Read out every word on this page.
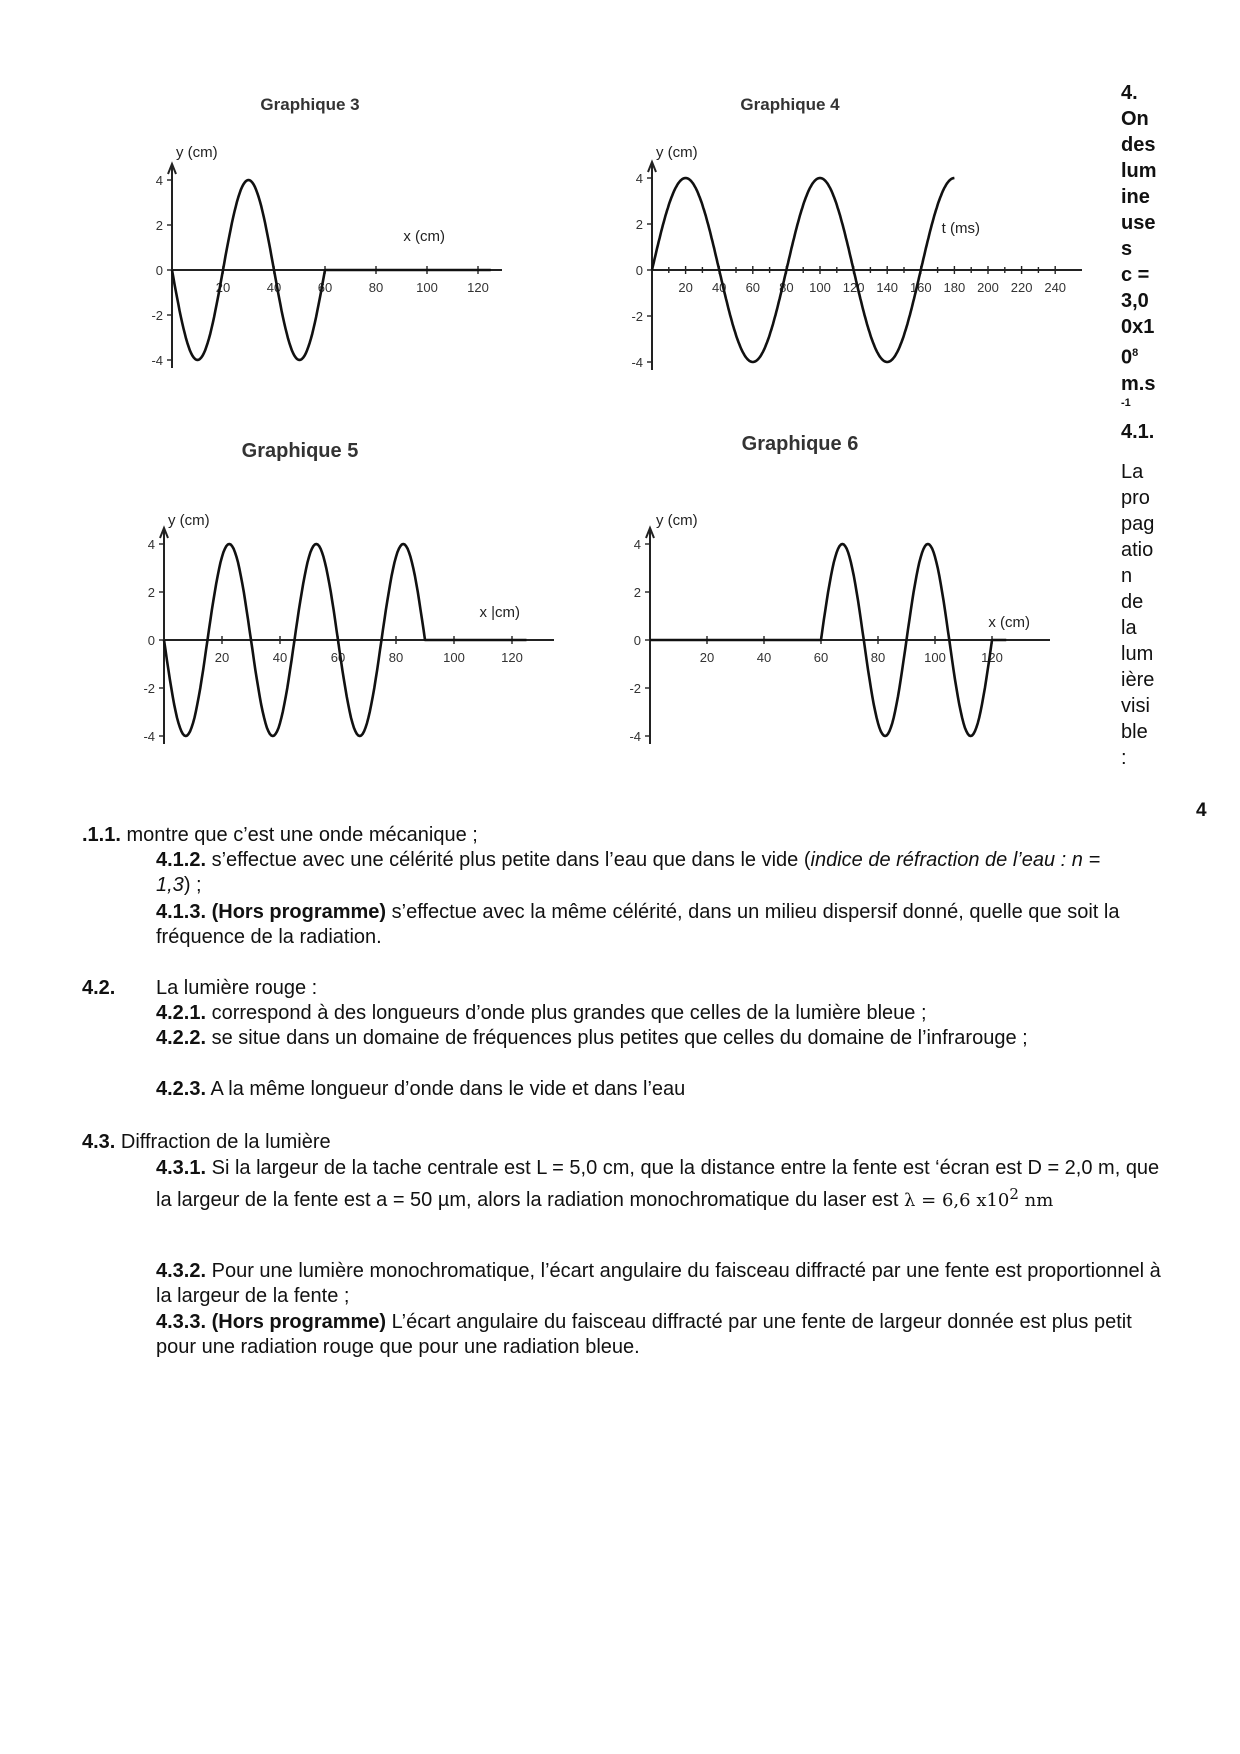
Graphique 3
y (cm)
x (cm)
4
2
0
-2
-4
20	40	60	80	100 120
Graphique 4
y (cm)
t (ms)
4
2
0
-2
-4
20 40 60 80 100 120 140 160 180 200 220 240
Graphique 5
y (cm)
x |cm)
4
2
0
-2
-4
20	40	60	80	100	120
Graphique 6
y (cm)
x (cm)
4
2
0
-2
-4
20	40	60	80	100	120
4.
On
des
lum
ine
use
s
c =
3,0
0x1
$0^8$
m.s
-1
4.1.
La
pro
pag
atio
n
de
la
lum
ière
visi
ble
:
4
.1.1. montre que c’est une onde mécanique ;
4.1.2. s’effectue avec une célérité plus petite dans l’eau que dans le vide (indice de réfraction de l’eau : n = 1,3) ;
4.1.3. (Hors programme) s’effectue avec la même célérité, dans un milieu dispersif donné, quelle que soit la fréquence de la radiation.
4.2. La lumière rouge :
4.2.1. correspond à des longueurs d’onde plus grandes que celles de la lumière bleue ;
4.2.2. se situe dans un domaine de fréquences plus petites que celles du domaine de l’infrarouge ;
4.2.3. A la même longueur d’onde dans le vide et dans l’eau
4.3. Diffraction de la lumière
4.3.1. Si la largeur de la tache centrale est L = 5,0 cm, que la distance entre la fente est ‘écran est D = 2,0 m, que la largeur de la fente est a = 50 µm, alors la radiation monochromatique du laser est λ = 6,6 $x10^2$ nm
4.3.2. Pour une lumière monochromatique, l’écart angulaire du faisceau diffracté par une fente est proportionnel à la largeur de la fente ;
4.3.3. (Hors programme) L’écart angulaire du faisceau diffracté par une fente de largeur donnée est plus petit pour une radiation rouge que pour une radiation bleue.
